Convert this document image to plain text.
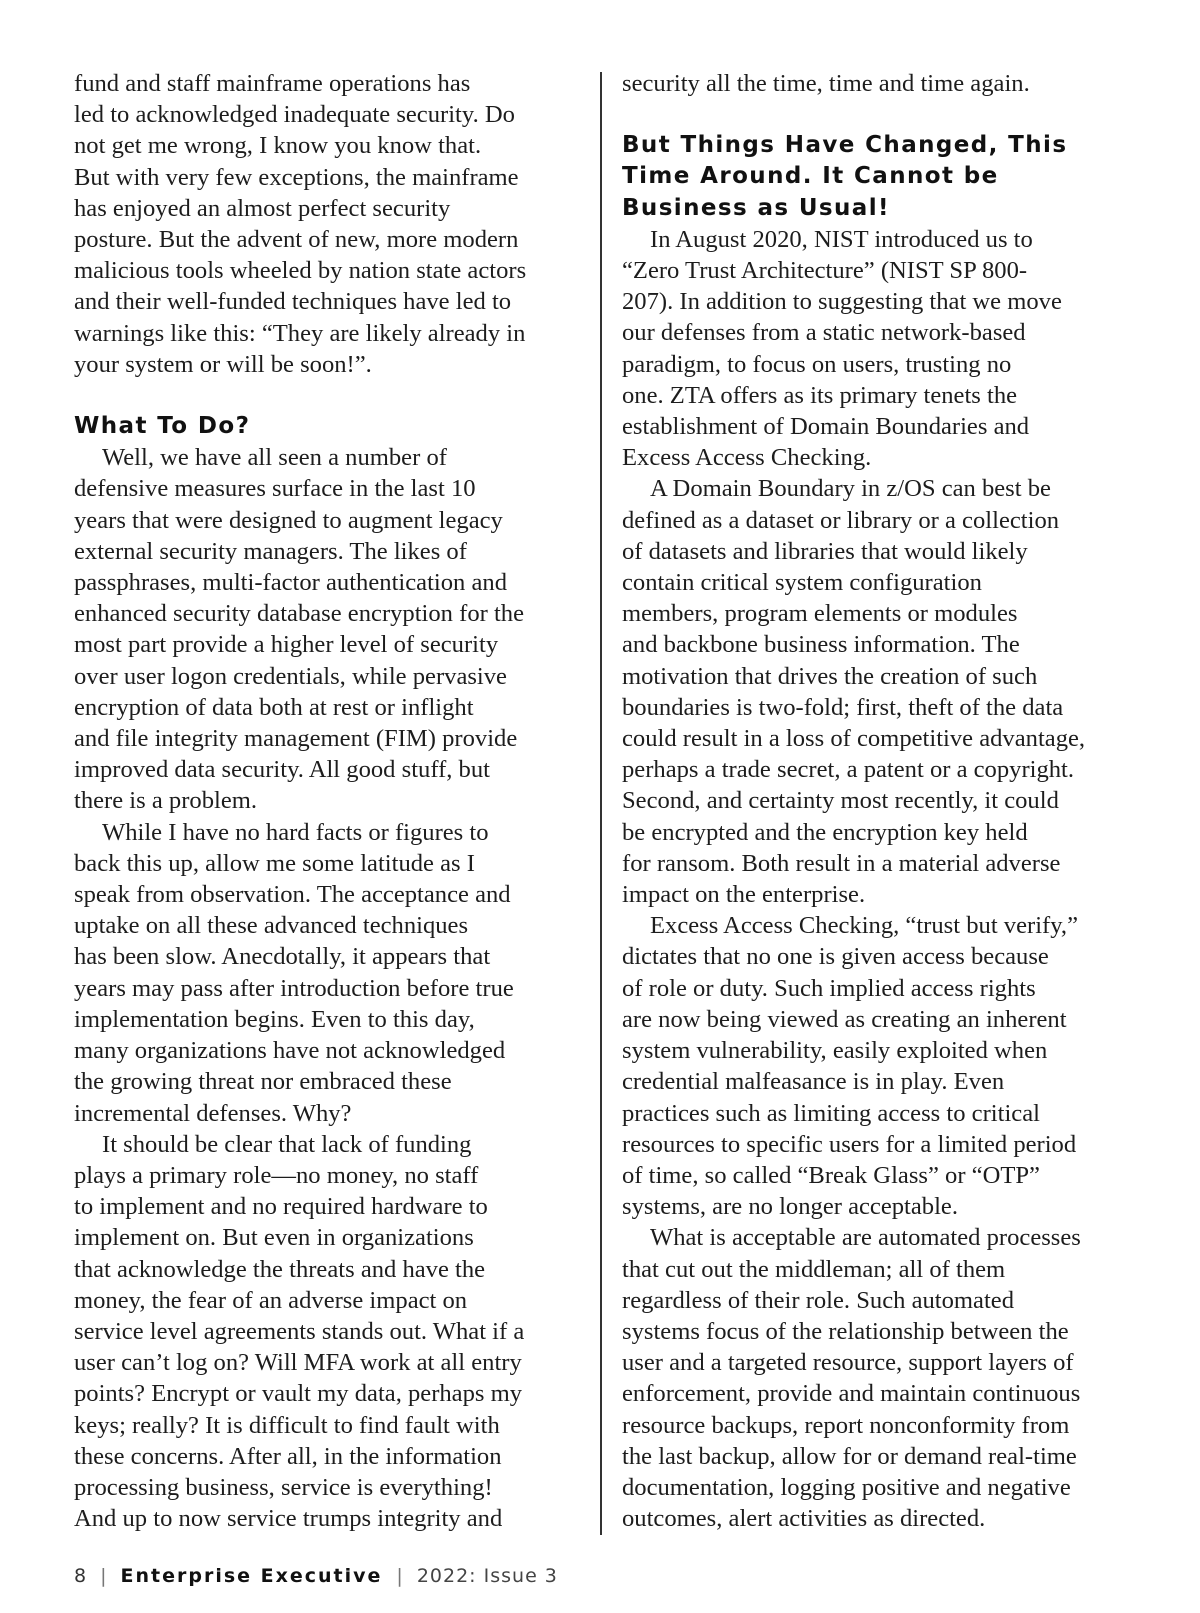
fund and staff mainframe operations has
led to acknowledged inadequate security. Do
not get me wrong, I know you know that.
But with very few exceptions, the mainframe
has enjoyed an almost perfect security
posture. But the advent of new, more modern
malicious tools wheeled by nation state actors
and their well-funded techniques have led to
warnings like this: “They are likely already in
your system or will be soon!”.
What To Do?
Well, we have all seen a number of
defensive measures surface in the last 10
years that were designed to augment legacy
external security managers. The likes of
passphrases, multi-factor authentication and
enhanced security database encryption for the
most part provide a higher level of security
over user logon credentials, while pervasive
encryption of data both at rest or inflight
and file integrity management (FIM) provide
improved data security. All good stuff, but
there is a problem.
While I have no hard facts or figures to
back this up, allow me some latitude as I
speak from observation. The acceptance and
uptake on all these advanced techniques
has been slow. Anecdotally, it appears that
years may pass after introduction before true
implementation begins. Even to this day,
many organizations have not acknowledged
the growing threat nor embraced these
incremental defenses. Why?
It should be clear that lack of funding
plays a primary role—no money, no staff
to implement and no required hardware to
implement on. But even in organizations
that acknowledge the threats and have the
money, the fear of an adverse impact on
service level agreements stands out. What if a
user can’t log on? Will MFA work at all entry
points? Encrypt or vault my data, perhaps my
keys; really? It is difficult to find fault with
these concerns. After all, in the information
processing business, service is everything!
And up to now service trumps integrity and
security all the time, time and time again.
But Things Have Changed, This
Time Around. It Cannot be
Business as Usual!
In August 2020, NIST introduced us to
“Zero Trust Architecture” (NIST SP 800-
207). In addition to suggesting that we move
our defenses from a static network-based
paradigm, to focus on users, trusting no
one. ZTA offers as its primary tenets the
establishment of Domain Boundaries and
Excess Access Checking.
A Domain Boundary in z/OS can best be
defined as a dataset or library or a collection
of datasets and libraries that would likely
contain critical system configuration
members, program elements or modules
and backbone business information. The
motivation that drives the creation of such
boundaries is two-fold; first, theft of the data
could result in a loss of competitive advantage,
perhaps a trade secret, a patent or a copyright.
Second, and certainty most recently, it could
be encrypted and the encryption key held
for ransom. Both result in a material adverse
impact on the enterprise.
Excess Access Checking, “trust but verify,”
dictates that no one is given access because
of role or duty. Such implied access rights
are now being viewed as creating an inherent
system vulnerability, easily exploited when
credential malfeasance is in play. Even
practices such as limiting access to critical
resources to specific users for a limited period
of time, so called “Break Glass” or “OTP”
systems, are no longer acceptable.
What is acceptable are automated processes
that cut out the middleman; all of them
regardless of their role. Such automated
systems focus of the relationship between the
user and a targeted resource, support layers of
enforcement, provide and maintain continuous
resource backups, report nonconformity from
the last backup, allow for or demand real-time
documentation, logging positive and negative
outcomes, alert activities as directed.
8 | Enterprise Executive | 2022: Issue 3
